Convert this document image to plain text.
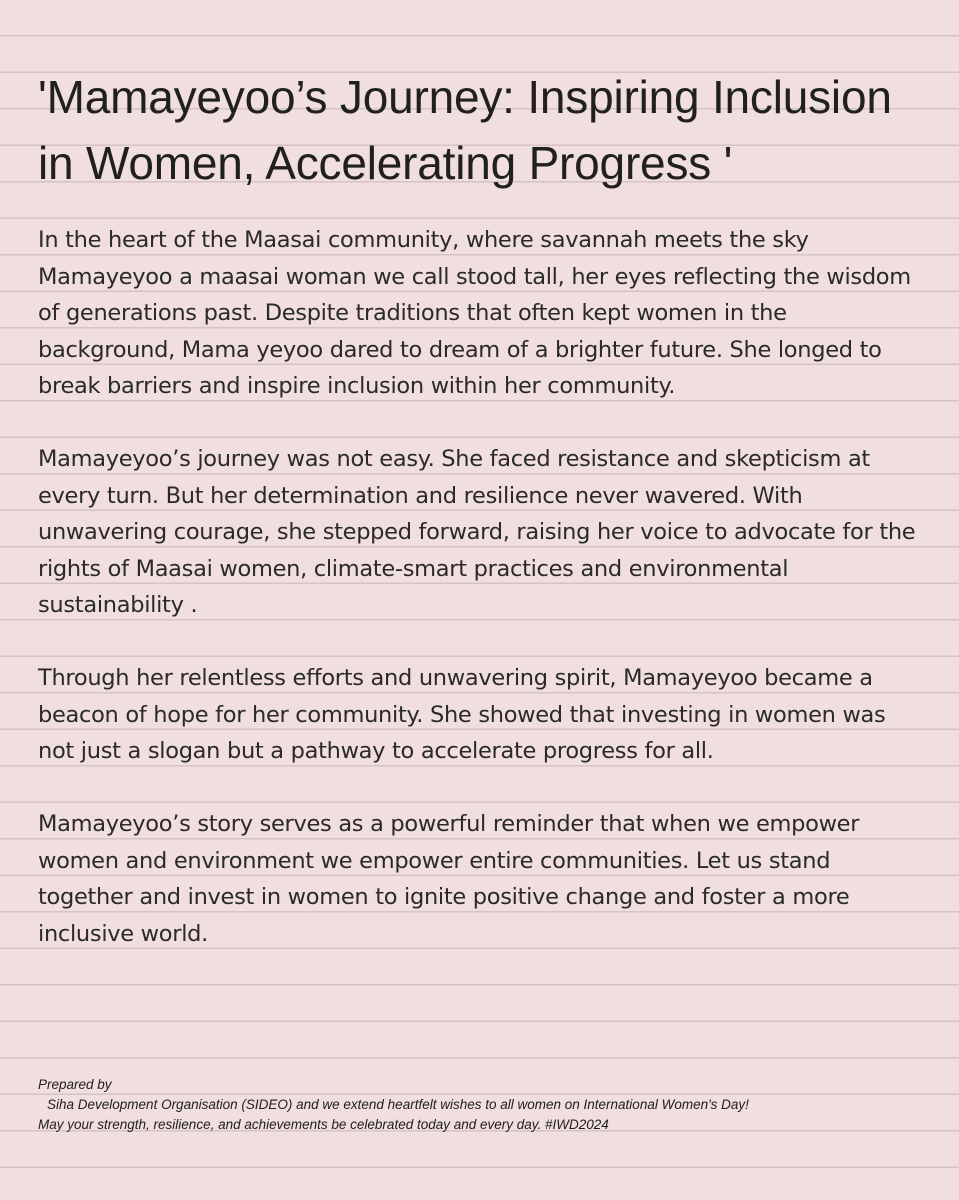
'Mamayeyoo’s Journey: Inspiring Inclusion in Women, Accelerating Progress '

In the heart of the Maasai community, where savannah meets the sky Mamayeyoo a maasai woman we call stood tall, her eyes reflecting the wisdom of generations past. Despite traditions that often kept women in the background, Mama yeyoo dared to dream of a brighter future. She longed to break barriers and inspire inclusion within her community.

Mamayeyoo’s journey was not easy. She faced resistance and skepticism at every turn. But her determination and resilience never wavered. With unwavering courage, she stepped forward, raising her voice to advocate for the rights of Maasai women, climate-smart practices and environmental sustainability .

Through her relentless efforts and unwavering spirit, Mamayeyoo became a beacon of hope for her community. She showed that investing in women was not just a slogan but a pathway to accelerate progress for all.

Mamayeyoo’s story serves as a powerful reminder that when we empower women and environment we empower entire communities. Let us stand together and invest in women to ignite positive change and foster a more inclusive world.

Prepared by
Siha Development Organisation (SIDEO) and we extend heartfelt wishes to all women on International Women's Day!
May your strength, resilience, and achievements be celebrated today and every day. #IWD2024
